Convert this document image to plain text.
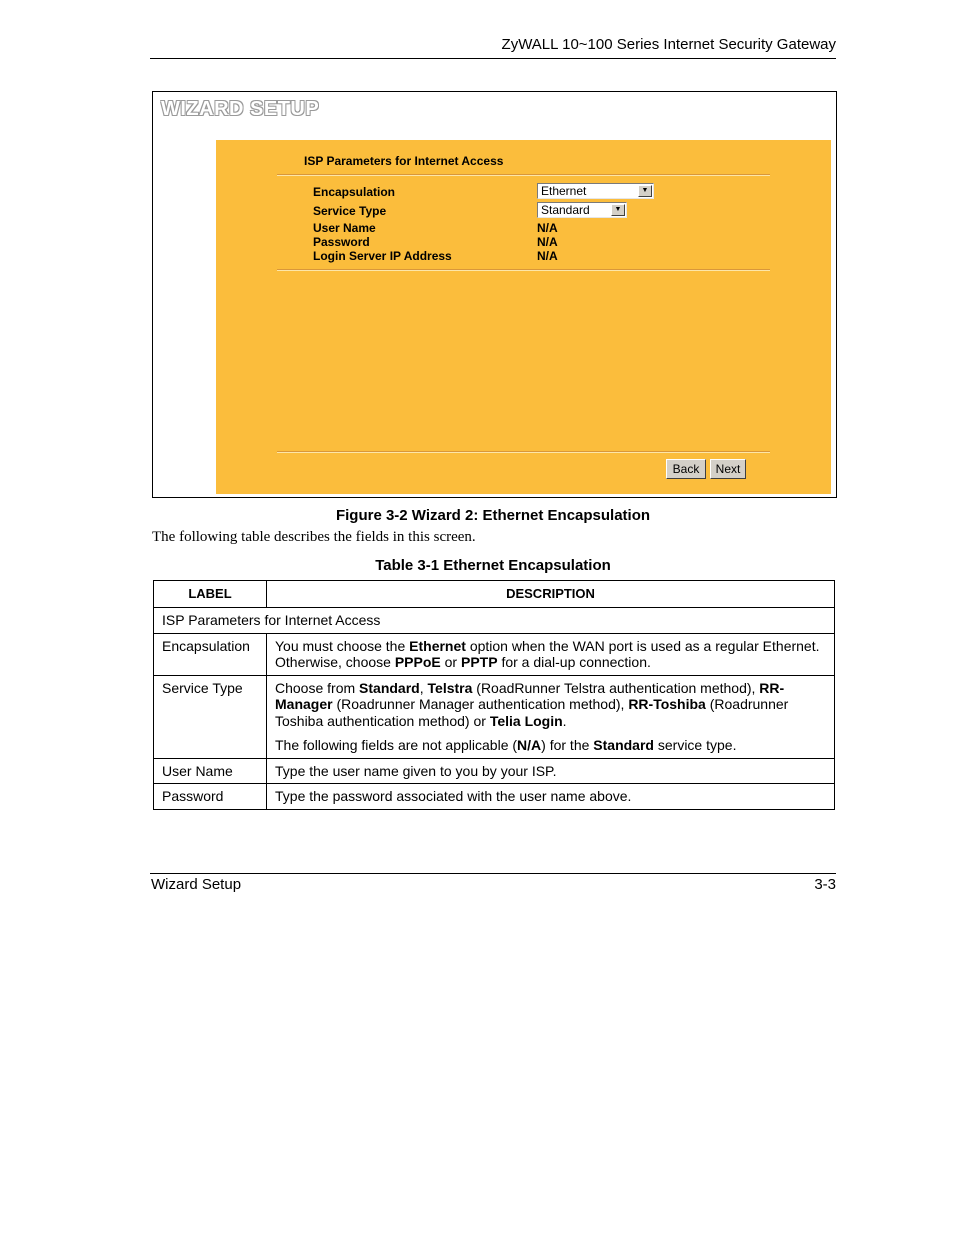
ZyWALL 10~100 Series Internet Security Gateway
WIZARD SETUP
ISP Parameters for Internet Access
Encapsulation	Ethernet	▼
Service Type	Standard	▼
User Name	N/A
Password	N/A
Login Server IP Address	N/A
Back	Next
Figure 3-2 Wizard 2: Ethernet Encapsulation
The following table describes the fields in this screen.
Table 3-1 Ethernet Encapsulation
LABEL	DESCRIPTION
ISP Parameters for Internet Access	
Encapsulation	You must choose the Ethernet option when the WAN port is used as a regular Ethernet. Otherwise, choose PPPoE or PPTP for a dial-up connection.
Service Type	Choose from Standard, Telstra (RoadRunner Telstra authentication method), RR-Manager (Roadrunner Manager authentication method), RR-Toshiba (Roadrunner Toshiba authentication method) or Telia Login.

The following fields are not applicable (N/A) for the Standard service type.

User Name	Type the user name given to you by your ISP.
Password	Type the password associated with the user name above.
Wizard Setup	3-3
